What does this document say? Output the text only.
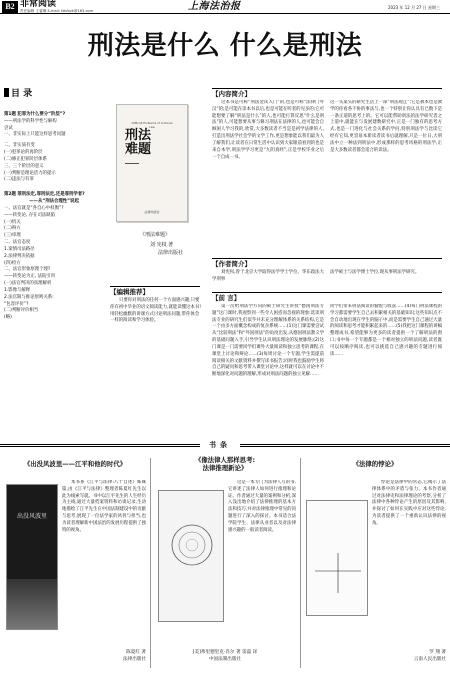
B2 非常阅读
责任编辑 王睿琳 E-mail: fzbfxzk@163.com	上海法治报	2023 年 12 月 27 日 星期三
刑法是什么 什么是刑法
目 录
第1题 犯罪为什么要分“阶层”?
——刑法学的科学性与解构
尝试
一、非实际上只能这样思考问题
二、非实质有变
(一)犯罪论的再阶层
(二)修正犯罪阶层体系
三、三个阶层的意义
(一)判断是理论活力的提示
(二)违法与有罪
第2题 罪刑法定,罪刑法定,还是罪刑学者?
——从“刑法合理性”说起
一、法官就是“各自心中权衡”?
——转变论, 存在司法缺陷
(一)机关
(二)辩方
(三)审理
二、法官态度
1.案情司法路径
2.法律判决依据
(四)检方
二、法官形象原理个理?
——转变论为正, 法院引用
(一)法官判决的真理解析
1.影像与解释
2.法官限与推论原则关系:
“包容评价”?
(二)判断评价相当
(略)
Difficult Problems of Criminal Law
刑法
难题
法律出版社
《刑法难题》
刘 宪权 著
法律出版社
【编辑推荐】
只要你对刑法的任何一个方面感兴趣,只要你有初中毕业的语文阅读能力,就能读懂这本书!用轻松幽默的讲课方式讨论刑法问题,带你体会一样的阅读和学习体验。
【内容简介】
这本书是可称“刑法金读入门”的,也是可称“法律门外汉”的;是可能在读本书以后,也是可能在听者的见多的;它可能想要了解“刑法是什么”的人,也可能打算反思“什么是刑法”的人,可能想要从事与修习刑法在法律的人,也可能会自顾闲人学习我的,欣赏,大多数读者不当是是初学法律的人,打造出刑法学社会学的文学工作,更是想象能以我们最为人了解我们,让读者在日常生活中认识到大家眼前看到的也是来自本学,刑法学学习更是“九阴真经”,正是学校毕业之后一个自成一书。
这一头案头的研究生活上一部“刑法观止”;它是教本也是教学的你看各不协的事法与,也一个特别让你认具有已数下是一条正道的思考上的。它可以能帮助刑法的法学研究者之上道中,就能在与发展建数研究中,正是一门独有的思考方式,也是一门进化与社会关系的学问,特别刑法学与比读它经有它知,更容易本新读者读书后就理解,只是一位日,大刑法中立一种法到刑法中,形成那样的思考风格的刑法学,正是大多数读者都会适合的读法。
【作者简介】
刘宪权,曾于北京大学取得法学学士学位、华东政法大学刑事
法学硕士与法学博士学位,现从事刑法学研究。
【前 言】
第一次给刑法学方向的硕士研究生讲授“德国刑法专题”这门课时,我观察到一些令人困惑而忽视的现象:选读刑法专业的研究生们似乎并未充分理解体系的关系结构,它是一个由多方面概念构成的复杂系统……(1)这门课需要尝试从“比较刑法”和“外国刑法”的角度出发,从德国刑法教义学的基础问题入手,引导学生认识刑法理论的发展脉络;(2)这门课是一门需要同学们课外大量阅读和独立思考的课程,在课堂上讨论和辩论……(3)每周讨论一个专题,学生需提前阅读相关的文献资料并撰写读书报告;同时我也鼓励学生将自己的疑问和思考带入课堂讨论中,这样就可以在讨论中不断地深化对问题的理解,形成对刑法问题的独立见解……
同学们带来刑法阅读的愉悦与收获……(4)每门刑法课程的学习都需要学生自己去积累相关的基础知识;这些知识点不会自动地出现在学生的脑子中,而是需要学生自己通过大量的阅读和思考才能积累起来的……(5)我把这门课程的讲稿整理成书,希望能够为更多的读者提供一个了解刑法的窗口;书中每一个专题都是一个相对独立的刑法问题,读者既可以按顺序阅读,也可以挑选自己感兴趣的专题进行阅读……
书条
《出没风波里——江平和他的时代》
出没风波里
本书系《江平与法律:八十自述》姊妹篇,由《江平与法律》整理者陈夏红先生以此为线索写就。书中以江平先生的人生经历为主线,通过大量档案资料和访谈记录,生动地描绘了江平先生在中国法制建设中的贡献与思考,展现了一位法学家的风骨与担当,也为读者理解新中国法治的发展历程提供了独特的视角。
陈夏红 著
法律出版社
《像法律人那样思考:
法律推理新论》
这是一本专门为法律人写的书,它讲述了法律人如何进行推理和论证。作者通过大量的案例和分析,深入浅出地介绍了法律推理的基本方法和技巧,并对法律推理中常见的问题进行了深入的探讨。本书适合法学院学生、法律从业者以及对法律感兴趣的一般读者阅读。
[美]弗里德里克·肖尔 著 雷磊 译
中国法制出版社
《法律的悖论》
悖论是法律中的常态,它揭示了法律体系中的矛盾与张力。本书作者通过对法律史和法律理论的考察,分析了法律中各种悖论产生的原因及其影响,并探讨了如何在实践中应对这些悖论,为读者提供了一个重新认识法律的视角。
罗 翔 著
云南人民出版社
